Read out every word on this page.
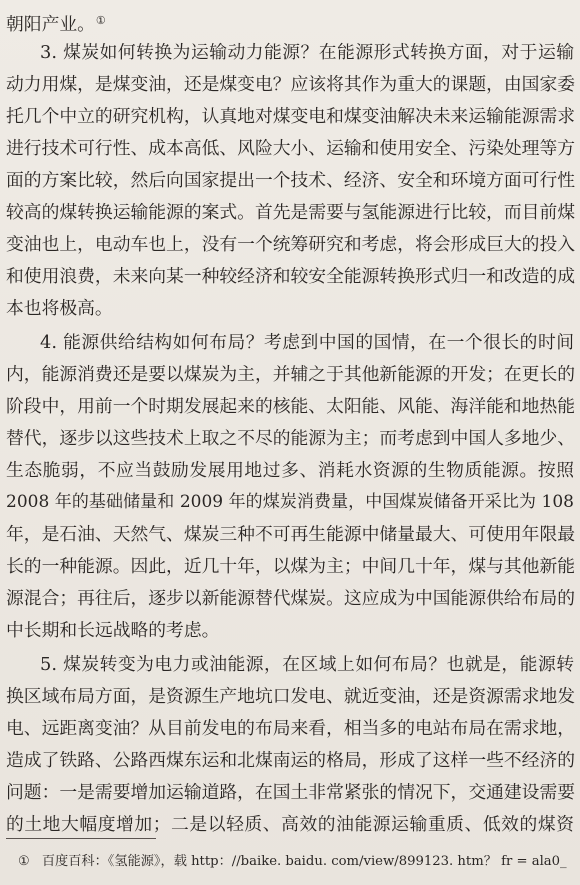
朝阳产业。①
3. 煤炭如何转换为运输动力能源？在能源形式转换方面，对于运输
动力用煤，是煤变油，还是煤变电？应该将其作为重大的课题，由国家委
托几个中立的研究机构，认真地对煤变电和煤变油解决未来运输能源需求
进行技术可行性、成本高低、风险大小、运输和使用安全、污染处理等方
面的方案比较，然后向国家提出一个技术、经济、安全和环境方面可行性
较高的煤转换运输能源的案式。首先是需要与氢能源进行比较，而目前煤
变油也上，电动车也上，没有一个统筹研究和考虑，将会形成巨大的投入
和使用浪费，未来向某一种较经济和较安全能源转换形式归一和改造的成
本也将极高。
4. 能源供给结构如何布局？考虑到中国的国情，在一个很长的时间
内，能源消费还是要以煤炭为主，并辅之于其他新能源的开发；在更长的
阶段中，用前一个时期发展起来的核能、太阳能、风能、海洋能和地热能
替代，逐步以这些技术上取之不尽的能源为主；而考虑到中国人多地少、
生态脆弱，不应当鼓励发展用地过多、消耗水资源的生物质能源。按照
2008 年的基础储量和 2009 年的煤炭消费量，中国煤炭储备开采比为 108
年，是石油、天然气、煤炭三种不可再生能源中储量最大、可使用年限最
长的一种能源。因此，近几十年，以煤为主；中间几十年，煤与其他新能
源混合；再往后，逐步以新能源替代煤炭。这应成为中国能源供给布局的
中长期和长远战略的考虑。
5. 煤炭转变为电力或油能源，在区域上如何布局？也就是，能源转
换区域布局方面，是资源生产地坑口发电、就近变油，还是资源需求地发
电、远距离变油？从目前发电的布局来看，相当多的电站布局在需求地，
造成了铁路、公路西煤东运和北煤南运的格局，形成了这样一些不经济的
问题：一是需要增加运输道路，在国土非常紧张的情况下，交通建设需要
的土地大幅度增加；二是以轻质、高效的油能源运输重质、低效的煤资
① 百度百科：《氢能源》，载 http：//baike. baidu. com/view/899123. htm？ fr = ala0_
